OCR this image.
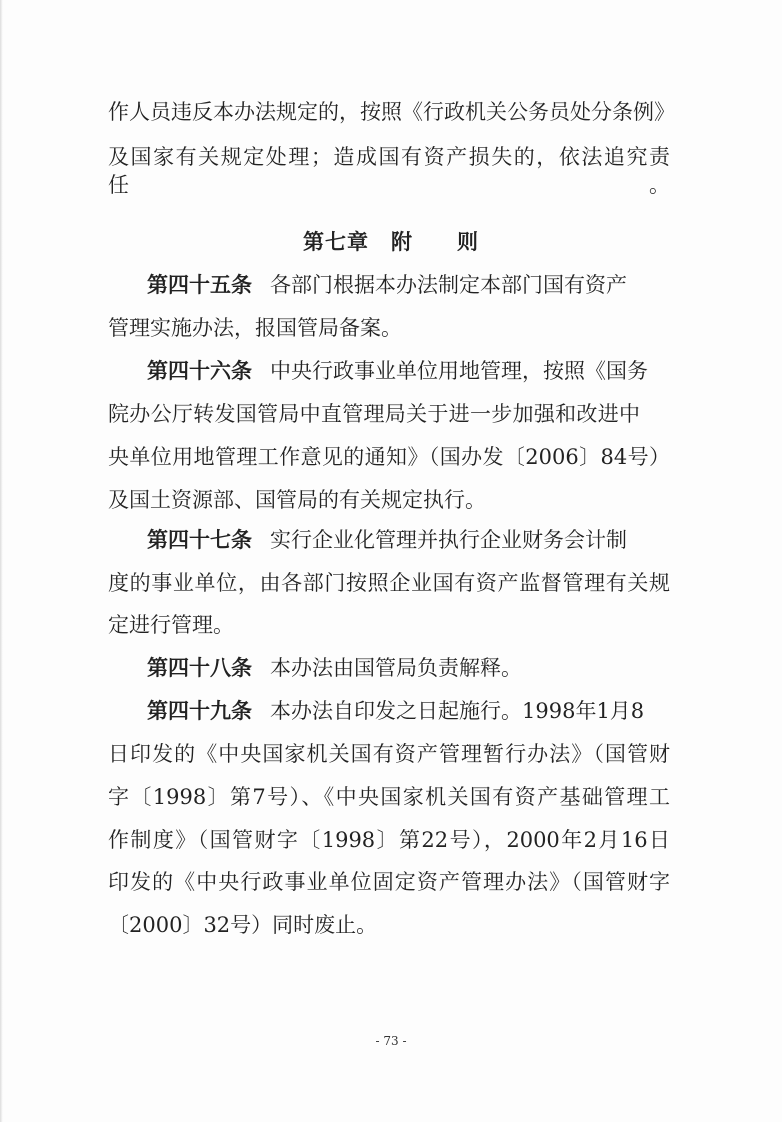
作人员违反本办法规定的，按照《行政机关公务员处分条例》
及国家有关规定处理；造成国有资产损失的，依法追究责任。
第七章　附　　则
第四十五条 各部门根据本办法制定本部门国有资产
管理实施办法，报国管局备案。
第四十六条 中央行政事业单位用地管理，按照《国务
院办公厅转发国管局中直管理局关于进一步加强和改进中
央单位用地管理工作意见的通知》（国办发〔2006〕84号）
及国土资源部、国管局的有关规定执行。
第四十七条 实行企业化管理并执行企业财务会计制
度的事业单位，由各部门按照企业国有资产监督管理有关规
定进行管理。
第四十八条 本办法由国管局负责解释。
第四十九条 本办法自印发之日起施行。1998年1月8
日印发的《中央国家机关国有资产管理暂行办法》（国管财
字〔1998〕第7号）、《中央国家机关国有资产基础管理工
作制度》（国管财字〔1998〕第22号），2000年2月16日
印发的《中央行政事业单位固定资产管理办法》（国管财字
〔2000〕32号）同时废止。
- 73 -
